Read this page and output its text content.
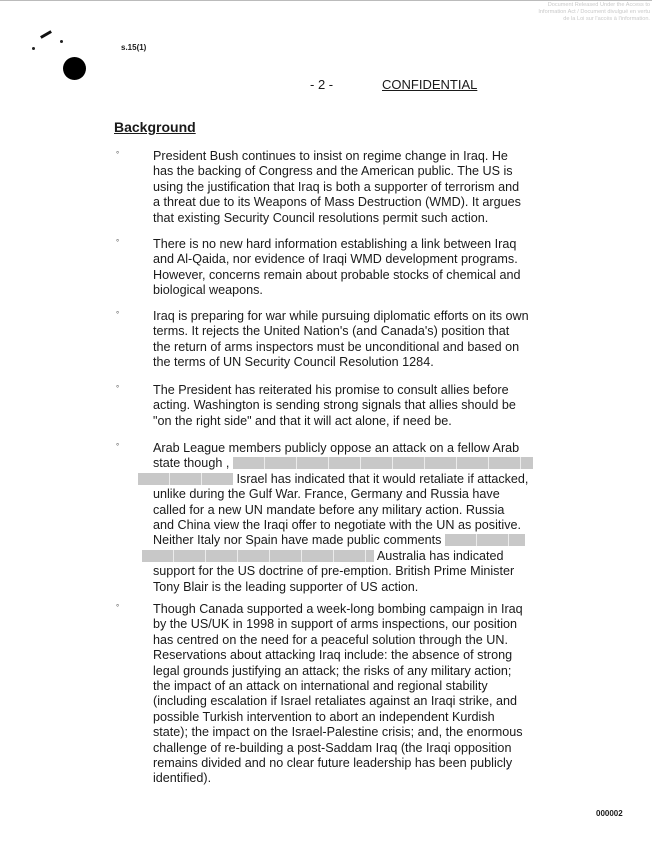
Document Released Under the Access to
Information Act / Document divulgué en vertu
de la Loi sur l'accès à l'information.
s.15(1)
- 2 -	CONFIDENTIAL
Background
°	President Bush continues to insist on regime change in Iraq. He
has the backing of Congress and the American public. The US is
using the justification that Iraq is both a supporter of terrorism and
a threat due to its Weapons of Mass Destruction (WMD). It argues
that existing Security Council resolutions permit such action.
°	There is no new hard information establishing a link between Iraq
and Al-Qaida, nor evidence of Iraqi WMD development programs.
However, concerns remain about probable stocks of chemical and
biological weapons.
°	Iraq is preparing for war while pursuing diplomatic efforts on its own
terms. It rejects the United Nation's (and Canada's) position that
the return of arms inspectors must be unconditional and based on
the terms of UN Security Council Resolution 1284.
°	The President has reiterated his promise to consult allies before
acting. Washington is sending strong signals that allies should be
"on the right side" and that it will act alone, if need be.
°	Arab League members publicly oppose an attack on a fellow Arab
state though ,
Israel has indicated that it would retaliate if attacked,
unlike during the Gulf War. France, Germany and Russia have
called for a new UN mandate before any military action. Russia
and China view the Iraqi offer to negotiate with the UN as positive.
Neither Italy nor Spain have made public comments
Australia has indicated
support for the US doctrine of pre-emption. British Prime Minister
Tony Blair is the leading supporter of US action.
°	Though Canada supported a week-long bombing campaign in Iraq
by the US/UK in 1998 in support of arms inspections, our position
has centred on the need for a peaceful solution through the UN.
Reservations about attacking Iraq include: the absence of strong
legal grounds justifying an attack; the risks of any military action;
the impact of an attack on international and regional stability
(including escalation if Israel retaliates against an Iraqi strike, and
possible Turkish intervention to abort an independent Kurdish
state); the impact on the Israel-Palestine crisis; and, the enormous
challenge of re-building a post-Saddam Iraq (the Iraqi opposition
remains divided and no clear future leadership has been publicly
identified).
000002
